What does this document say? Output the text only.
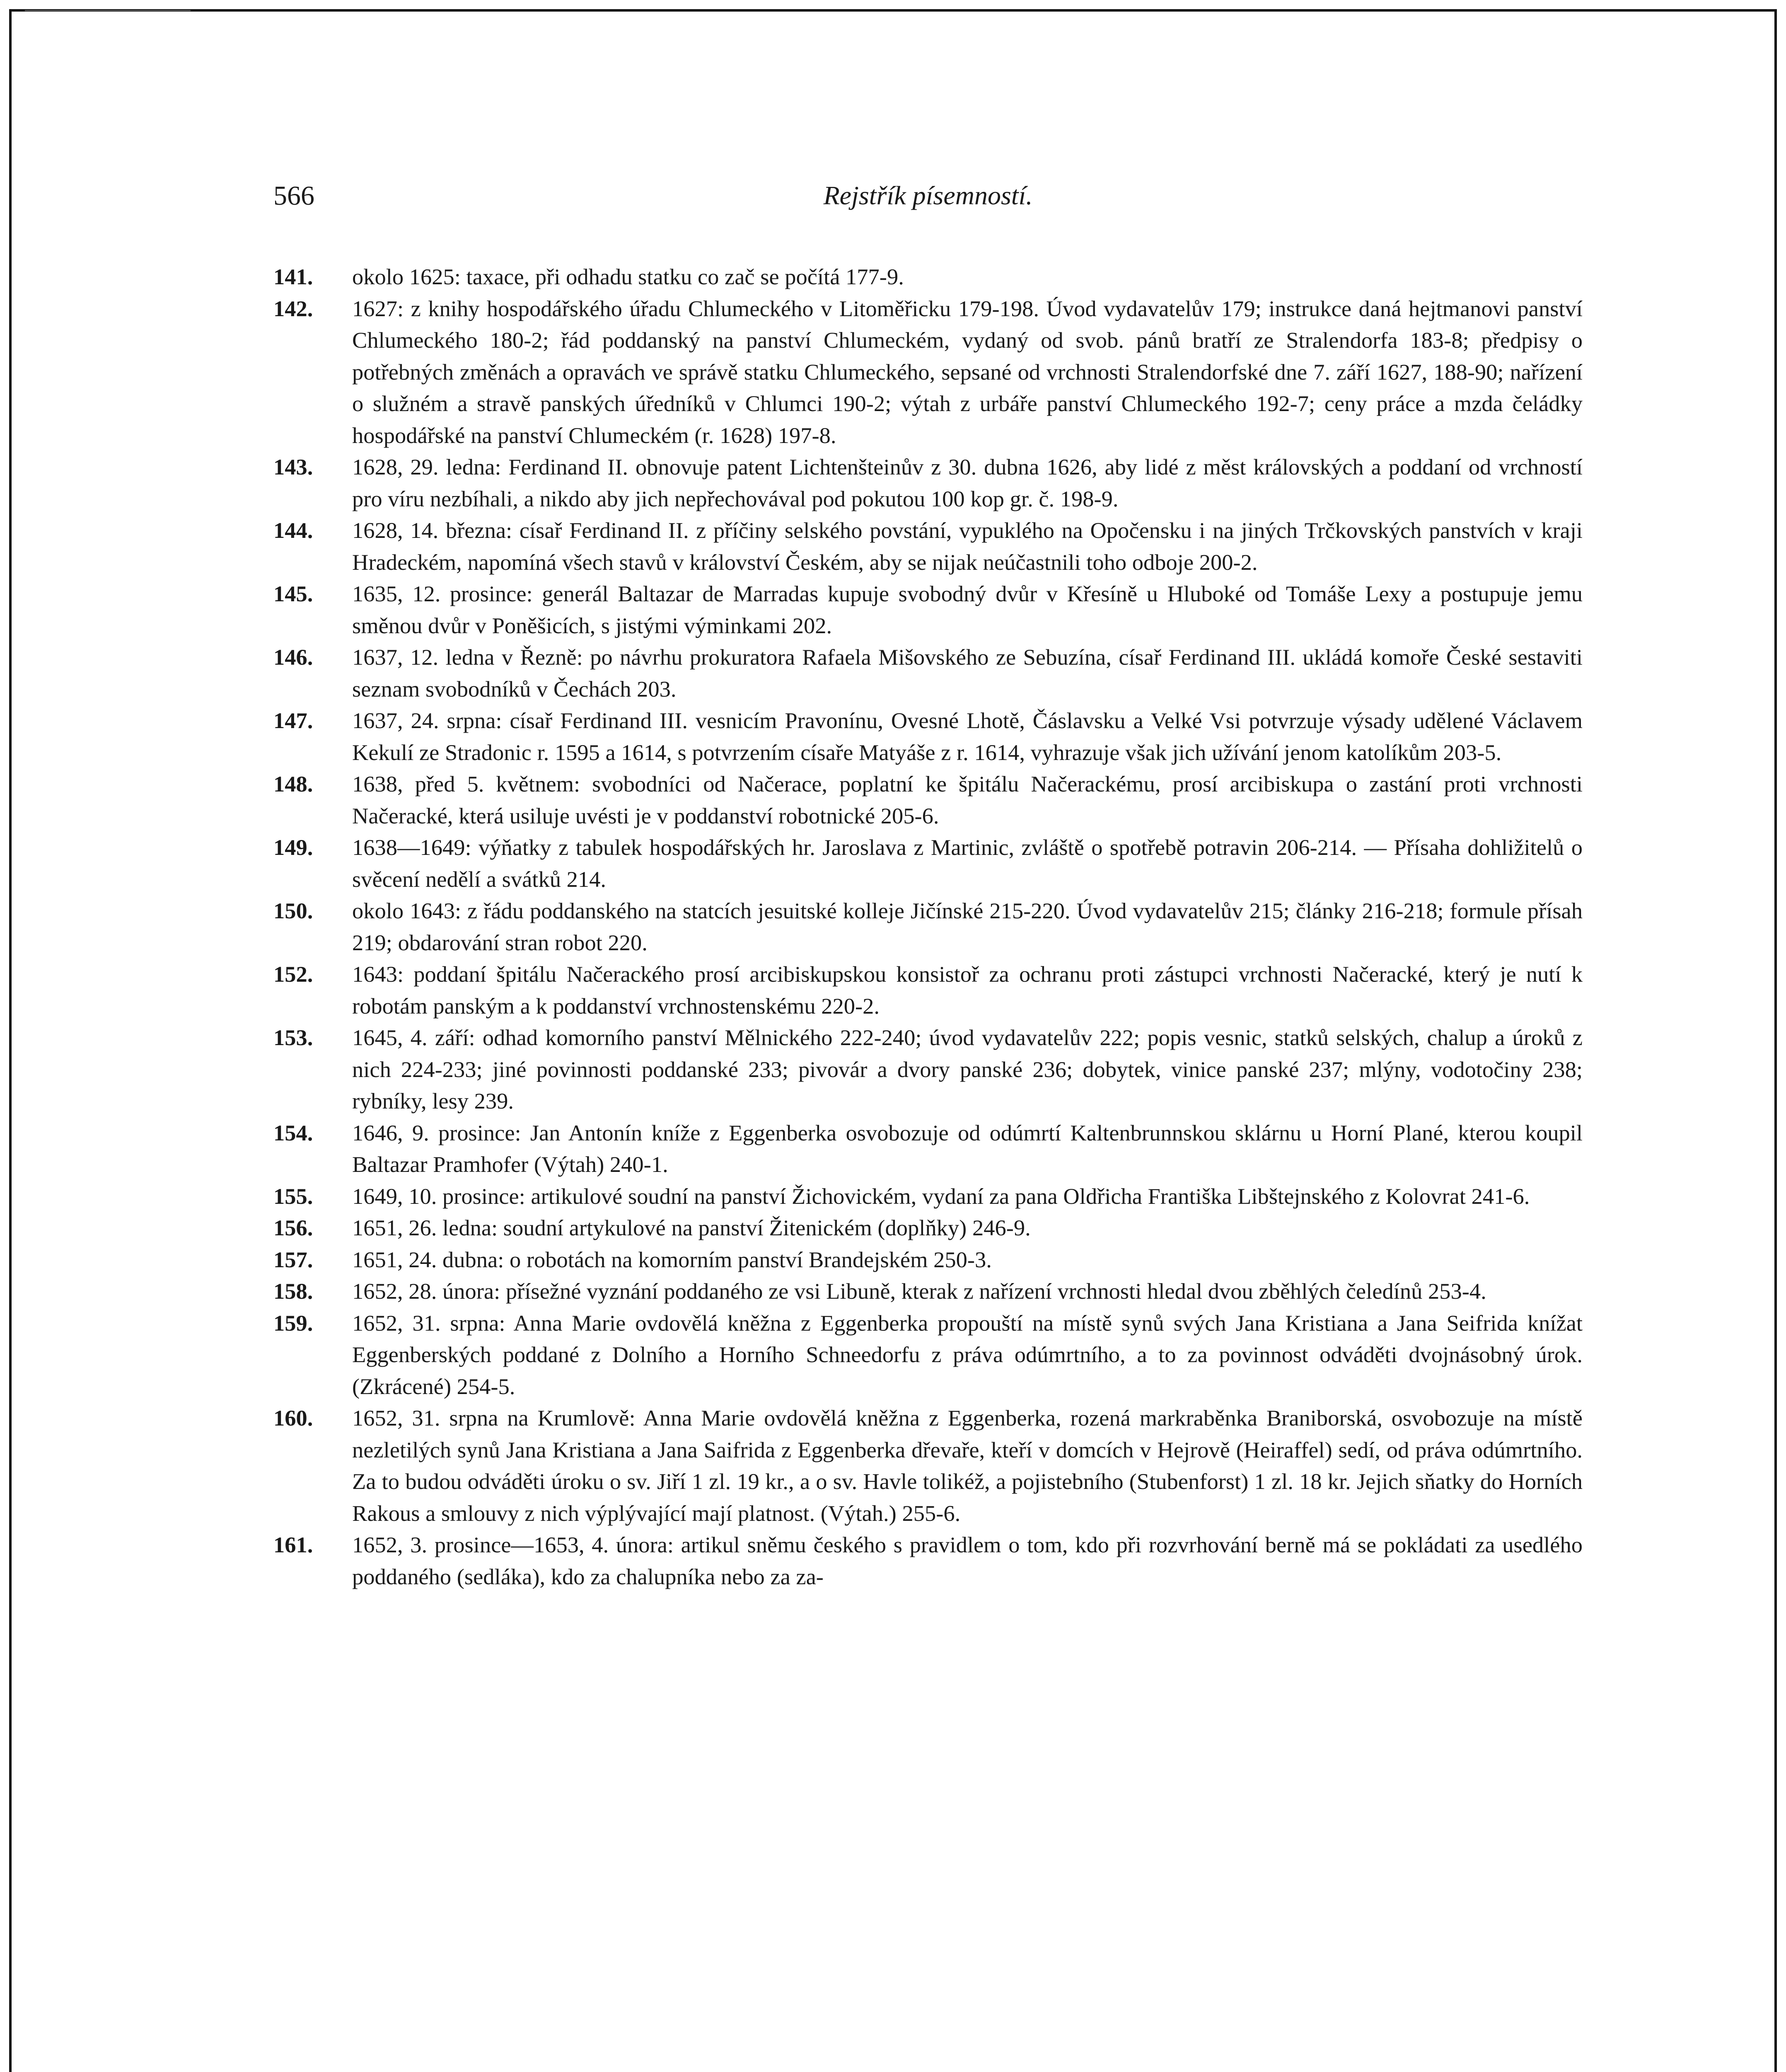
566	Rejstřík písemností.
141.	okolo 1625: taxace, při odhadu statku co zač se počítá 177-9.
142.	1627: z knihy hospodářského úřadu Chlumeckého v Litoměřicku 179-198. Úvod vydavatelův 179; instrukce daná hejtmanovi panství Chlumeckého 180-2; řád poddanský na panství Chlumeckém, vydaný od svob. pánů bratří ze Stralendorfa 183-8; předpisy o potřebných změnách a opravách ve správě statku Chlumeckého, sepsané od vrchnosti Stralendorfské dne 7. září 1627, 188-90; nařízení o služném a stravě panských úředníků v Chlumci 190-2; výtah z urbáře panství Chlumeckého 192-7; ceny práce a mzda čeládky hospodářské na panství Chlumeckém (r. 1628) 197-8.
143.	1628, 29. ledna: Ferdinand II. obnovuje patent Lichtenšteinův z 30. dubna 1626, aby lidé z měst královských a poddaní od vrchností pro víru nezbíhali, a nikdo aby jich nepřechovával pod pokutou 100 kop gr. č. 198-9.
144.	1628, 14. března: císař Ferdinand II. z příčiny selského povstání, vypuklého na Opočensku i na jiných Trčkovských panstvích v kraji Hradeckém, napomíná všech stavů v království Českém, aby se nijak neúčastnili toho odboje 200-2.
145.	1635, 12. prosince: generál Baltazar de Marradas kupuje svobodný dvůr v Křesíně u Hluboké od Tomáše Lexy a postupuje jemu směnou dvůr v Poněšicích, s jistými výminkami 202.
146.	1637, 12. ledna v Řezně: po návrhu prokuratora Rafaela Mišovského ze Sebuzína, císař Ferdinand III. ukládá komoře České sestaviti seznam svobodníků v Čechách 203.
147.	1637, 24. srpna: císař Ferdinand III. vesnicím Pravonínu, Ovesné Lhotě, Čáslavsku a Velké Vsi potvrzuje výsady udělené Václavem Kekulí ze Stradonic r. 1595 a 1614, s potvrzením císaře Matyáše z r. 1614, vyhrazuje však jich užívání jenom katolíkům 203-5.
148.	1638, před 5. květnem: svobodníci od Načerace, poplatní ke špitálu Načerackému, prosí arcibiskupa o zastání proti vrchnosti Načeracké, která usiluje uvésti je v poddanství robotnické 205-6.
149.	1638—1649: výňatky z tabulek hospodářských hr. Jaroslava z Martinic, zvláště o spotřebě potravin 206-214. — Přísaha dohližitelů o svěcení nedělí a svátků 214.
150.	okolo 1643: z řádu poddanského na statcích jesuitské kolleje Jičínské 215-220. Úvod vydavatelův 215; články 216-218; formule přísah 219; obdarování stran robot 220.
152.	1643: poddaní špitálu Načerackého prosí arcibiskupskou konsistoř za ochranu proti zástupci vrchnosti Načeracké, který je nutí k robotám panským a k poddanství vrchnostenskému 220-2.
153.	1645, 4. září: odhad komorního panství Mělnického 222-240; úvod vydavatelův 222; popis vesnic, statků selských, chalup a úroků z nich 224-233; jiné povinnosti poddanské 233; pivovár a dvory panské 236; dobytek, vinice panské 237; mlýny, vodotočiny 238; rybníky, lesy 239.
154.	1646, 9. prosince: Jan Antonín kníže z Eggenberka osvobozuje od odúmrtí Kaltenbrunnskou sklárnu u Horní Plané, kterou koupil Baltazar Pramhofer (Výtah) 240-1.
155.	1649, 10. prosince: artikulové soudní na panství Žichovickém, vydaní za pana Oldřicha Františka Libštejnského z Kolovrat 241-6.
156.	1651, 26. ledna: soudní artykulové na panství Žitenickém (doplňky) 246-9.
157.	1651, 24. dubna: o robotách na komorním panství Brandejském 250-3.
158.	1652, 28. února: přísežné vyznání poddaného ze vsi Libuně, kterak z nařízení vrchnosti hledal dvou zběhlých čeledínů 253-4.
159.	1652, 31. srpna: Anna Marie ovdovělá kněžna z Eggenberka propouští na místě synů svých Jana Kristiana a Jana Seifrida knížat Eggenberských poddané z Dolního a Horního Schneedorfu z práva odúmrtního, a to za povinnost odváděti dvojnásobný úrok. (Zkrácené) 254-5.
160.	1652, 31. srpna na Krumlově: Anna Marie ovdovělá kněžna z Eggenberka, rozená markraběnka Braniborská, osvobozuje na místě nezletilých synů Jana Kristiana a Jana Saifrida z Eggenberka dřevaře, kteří v domcích v Hejrově (Heiraffel) sedí, od práva odúmrtního. Za to budou odváděti úroku o sv. Jiří 1 zl. 19 kr., a o sv. Havle tolikéž, a pojistebního (Stubenforst) 1 zl. 18 kr. Jejich sňatky do Horních Rakous a smlouvy z nich výplývající mají platnost. (Výtah.) 255-6.
161.	1652, 3. prosince—1653, 4. února: artikul sněmu českého s pravidlem o tom, kdo při rozvrhování berně má se pokládati za usedlého poddaného (sedláka), kdo za chalupníka nebo za za-
